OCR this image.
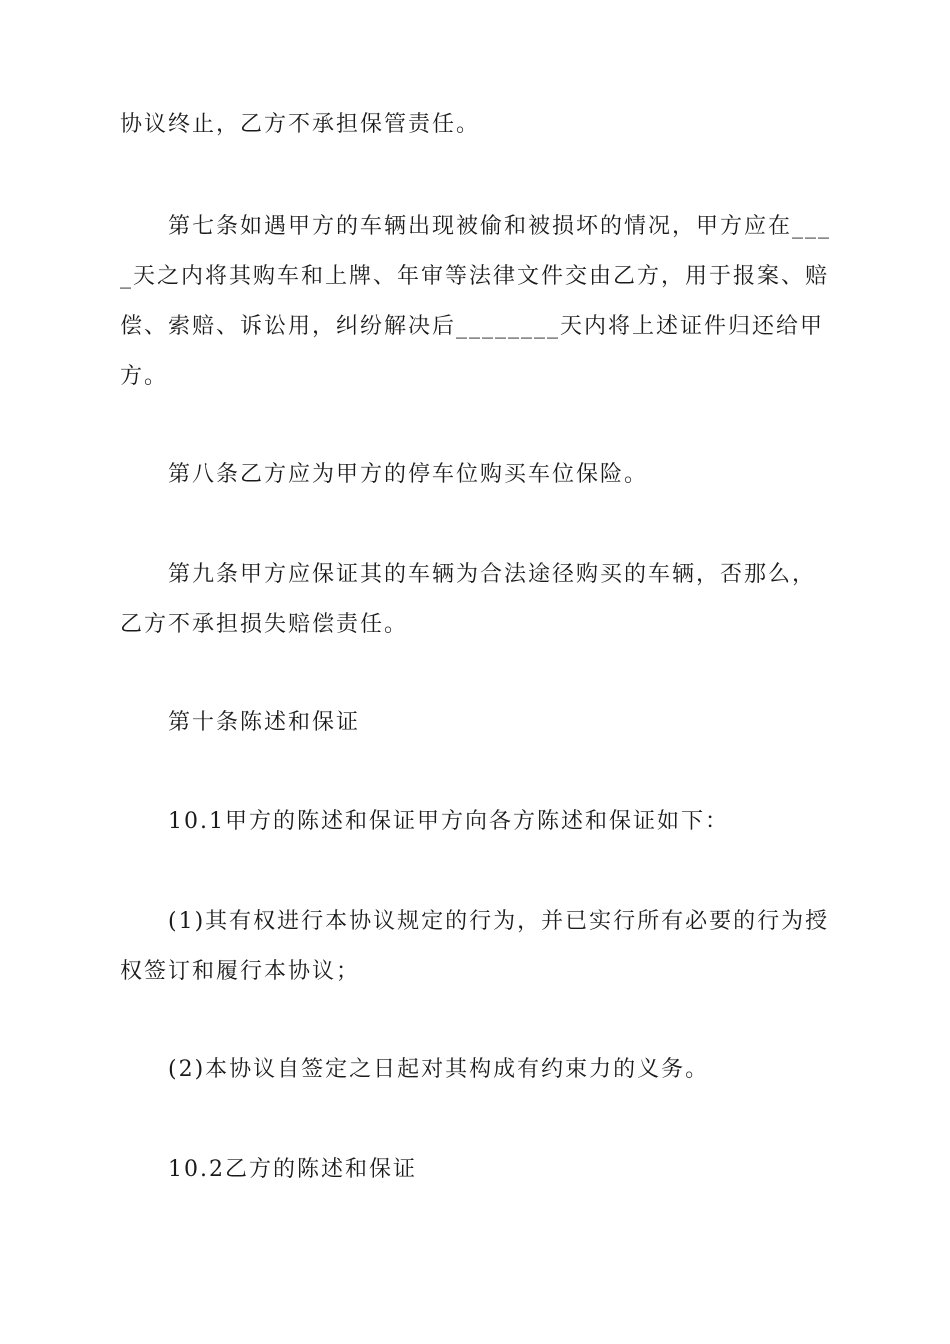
协议终止，乙方不承担保管责任。

第七条如遇甲方的车辆出现被偷和被损坏的情况，甲方应在____天之内将其购车和上牌、年审等法律文件交由乙方，用于报案、赔偿、索赔、诉讼用，纠纷解决后________天内将上述证件归还给甲方。

第八条乙方应为甲方的停车位购买车位保险。

第九条甲方应保证其的车辆为合法途径购买的车辆，否那么，乙方不承担损失赔偿责任。

第十条陈述和保证

10.1甲方的陈述和保证甲方向各方陈述和保证如下：

(1)其有权进行本协议规定的行为，并已实行所有必要的行为授权签订和履行本协议；

(2)本协议自签定之日起对其构成有约束力的义务。

10.2乙方的陈述和保证
